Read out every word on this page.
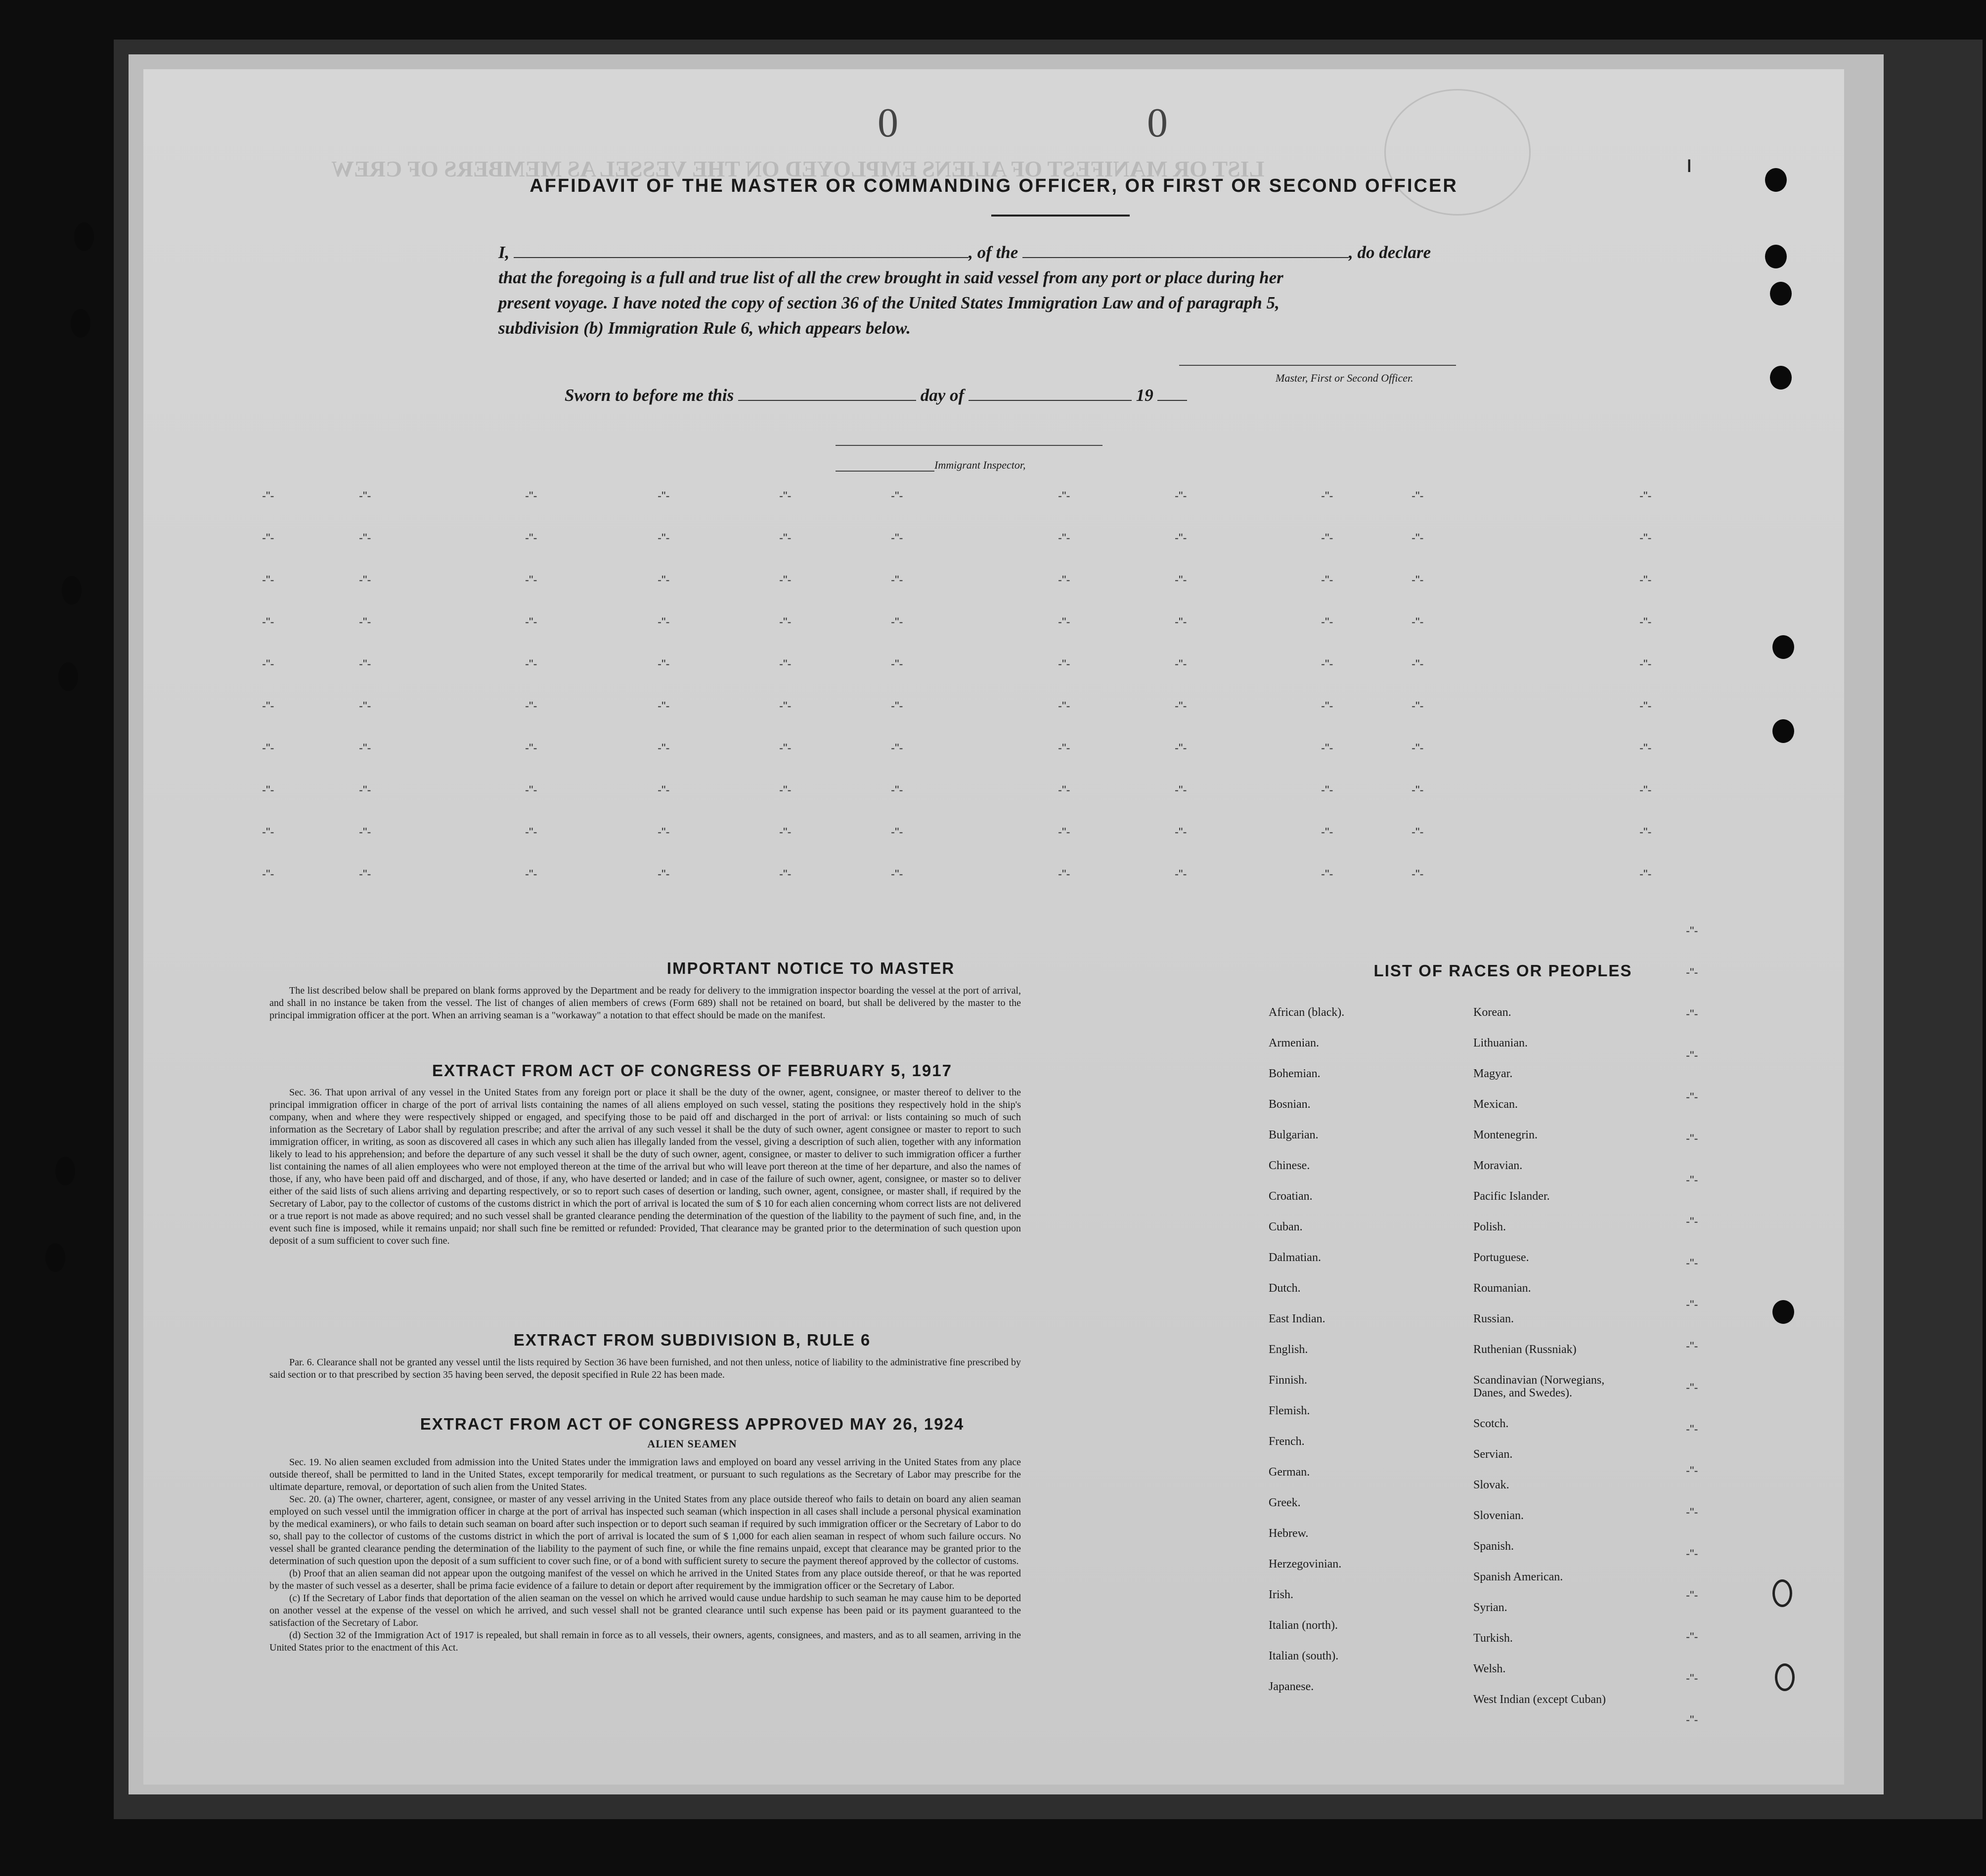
LIST OR MANIFEST OF ALIENS EMPLOYED ON THE VESSEL AS MEMBERS OF CREW
0	0
ı
AFFIDAVIT OF THE MASTER OR COMMANDING OFFICER, OR FIRST OR SECOND OFFICER
I,	, of the	, do declare
that the foregoing is a full and true list of all the crew brought in said vessel from any port or place during her
present voyage. I have noted the copy of section 36 of the United States Immigration Law and of paragraph 5,
subdivision (b) Immigration Rule 6, which appears below.
Master, First or Second Officer.
Sworn to before me this	day of	19
Immigrant Inspector,
-"-	-"-	-"-	-"-	-"-	-"-	-"-	-"-	-"-	-"-	-"-
-"-	-"-	-"-	-"-	-"-	-"-	-"-	-"-	-"-	-"-	-"-
-"-	-"-	-"-	-"-	-"-	-"-	-"-	-"-	-"-	-"-	-"-
-"-	-"-	-"-	-"-	-"-	-"-	-"-	-"-	-"-	-"-	-"-
-"-	-"-	-"-	-"-	-"-	-"-	-"-	-"-	-"-	-"-	-"-
-"-	-"-	-"-	-"-	-"-	-"-	-"-	-"-	-"-	-"-	-"-
-"-	-"-	-"-	-"-	-"-	-"-	-"-	-"-	-"-	-"-	-"-
-"-	-"-	-"-	-"-	-"-	-"-	-"-	-"-	-"-	-"-	-"-
-"-	-"-	-"-	-"-	-"-	-"-	-"-	-"-	-"-	-"-	-"-
-"-	-"-	-"-	-"-	-"-	-"-	-"-	-"-	-"-	-"-	-"-
-"-
-"-
-"-
-"-
-"-
-"-
-"-
-"-
-"-
-"-
-"-
-"-
-"-
-"-
-"-
-"-
-"-
-"-
-"-
-"-
IMPORTANT NOTICE TO MASTER

The list described below shall be prepared on blank forms approved by the Department and be ready for delivery to the immigration inspector boarding the vessel at the port of arrival, and shall in no instance be taken from the vessel. The list of changes of alien members of crews (Form 689) shall not be retained on board, but shall be delivered by the master to the principal immigration officer at the port. When an arriving seaman is a "workaway" a notation to that effect should be made on the manifest.

EXTRACT FROM ACT OF CONGRESS OF FEBRUARY 5, 1917

Sec. 36. That upon arrival of any vessel in the United States from any foreign port or place it shall be the duty of the owner, agent, consignee, or master thereof to deliver to the principal immigration officer in charge of the port of arrival lists containing the names of all aliens employed on such vessel, stating the positions they respectively hold in the ship's company, when and where they were respectively shipped or engaged, and specifying those to be paid off and discharged in the port of arrival: or lists containing so much of such information as the Secretary of Labor shall by regulation prescribe; and after the arrival of any such vessel it shall be the duty of such owner, agent consignee or master to report to such immigration officer, in writing, as soon as discovered all cases in which any such alien has illegally landed from the vessel, giving a description of such alien, together with any information likely to lead to his apprehension; and before the departure of any such vessel it shall be the duty of such owner, agent, consignee, or master to deliver to such immigration officer a further list containing the names of all alien employees who were not employed thereon at the time of the arrival but who will leave port thereon at the time of her departure, and also the names of those, if any, who have been paid off and discharged, and of those, if any, who have deserted or landed; and in case of the failure of such owner, agent, consignee, or master so to deliver either of the said lists of such aliens arriving and departing respectively, or so to report such cases of desertion or landing, such owner, agent, consignee, or master shall, if required by the Secretary of Labor, pay to the collector of customs of the customs district in which the port of arrival is located the sum of $ 10 for each alien concerning whom correct lists are not delivered or a true report is not made as above required; and no such vessel shall be granted clearance pending the determination of the question of the liability to the payment of such fine, and, in the event such fine is imposed, while it remains unpaid; nor shall such fine be remitted or refunded: Provided, That clearance may be granted prior to the determination of such question upon deposit of a sum sufficient to cover such fine.

EXTRACT FROM SUBDIVISION B, RULE 6

Par. 6. Clearance shall not be granted any vessel until the lists required by Section 36 have been furnished, and not then unless, notice of liability to the administrative fine prescribed by said section or to that prescribed by section 35 having been served, the deposit specified in Rule 22 has been made.

EXTRACT FROM ACT OF CONGRESS APPROVED MAY 26, 1924
ALIEN SEAMEN

Sec. 19. No alien seamen excluded from admission into the United States under the immigration laws and employed on board any vessel arriving in the United States from any place outside thereof, shall be permitted to land in the United States, except temporarily for medical treatment, or pursuant to such regulations as the Secretary of Labor may prescribe for the ultimate departure, removal, or deportation of such alien from the United States.

Sec. 20. (a) The owner, charterer, agent, consignee, or master of any vessel arriving in the United States from any place outside thereof who fails to detain on board any alien seaman employed on such vessel until the immigration officer in charge at the port of arrival has inspected such seaman (which inspection in all cases shall include a personal physical examination by the medical examiners), or who fails to detain such seaman on board after such inspection or to deport such seaman if required by such immigration officer or the Secretary of Labor to do so, shall pay to the collector of customs of the customs district in which the port of arrival is located the sum of $ 1,000 for each alien seaman in respect of whom such failure occurs. No vessel shall be granted clearance pending the determination of the liability to the payment of such fine, or while the fine remains unpaid, except that clearance may be granted prior to the determination of such question upon the deposit of a sum sufficient to cover such fine, or of a bond with sufficient surety to secure the payment thereof approved by the collector of customs.

(b) Proof that an alien seaman did not appear upon the outgoing manifest of the vessel on which he arrived in the United States from any place outside thereof, or that he was reported by the master of such vessel as a deserter, shall be prima facie evidence of a failure to detain or deport after requirement by the immigration officer or the Secretary of Labor.

(c) If the Secretary of Labor finds that deportation of the alien seaman on the vessel on which he arrived would cause undue hardship to such seaman he may cause him to be deported on another vessel at the expense of the vessel on which he arrived, and such vessel shall not be granted clearance until such expense has been paid or its payment guaranteed to the satisfaction of the Secretary of Labor.

(d) Section 32 of the Immigration Act of 1917 is repealed, but shall remain in force as to all vessels, their owners, agents, consignees, and masters, and as to all seamen, arriving in the United States prior to the enactment of this Act.

LIST OF RACES OR PEOPLES
African (black).
Armenian.
Bohemian.
Bosnian.
Bulgarian.
Chinese.
Croatian.
Cuban.
Dalmatian.
Dutch.
East Indian.
English.
Finnish.
Flemish.
French.
German.
Greek.
Hebrew.
Herzegovinian.
Irish.
Italian (north).
Italian (south).
Japanese.
Korean.
Lithuanian.
Magyar.
Mexican.
Montenegrin.
Moravian.
Pacific Islander.
Polish.
Portuguese.
Roumanian.
Russian.
Ruthenian (Russniak)
Scandinavian (Norwegians,
Danes, and Swedes).
Scotch.
Servian.
Slovak.
Slovenian.
Spanish.
Spanish American.
Syrian.
Turkish.
Welsh.
West Indian (except Cuban)
